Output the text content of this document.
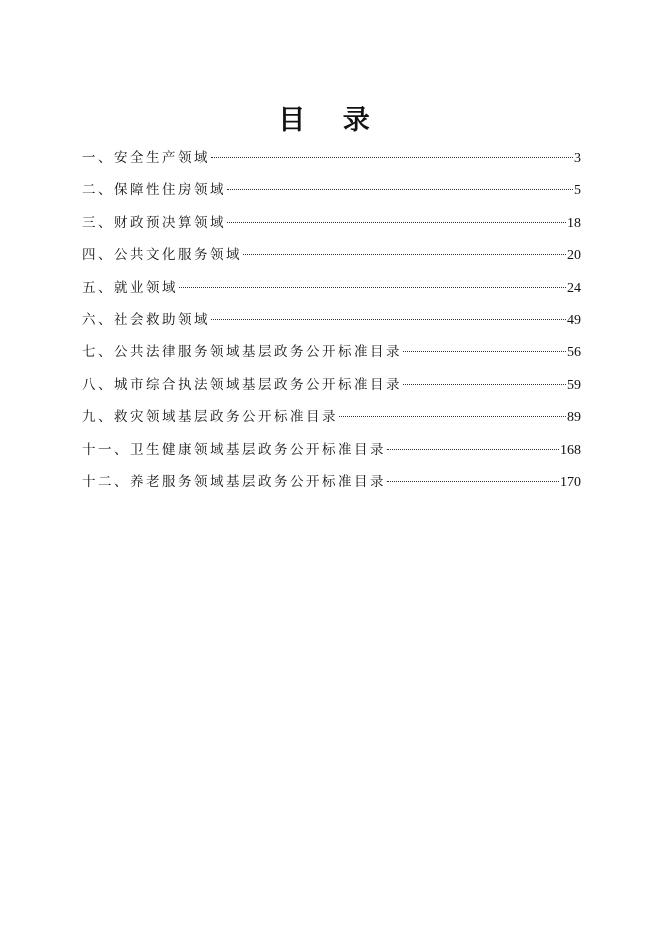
目 录
一、安全生产领域	3
二、保障性住房领域	5
三、财政预决算领域	18
四、公共文化服务领域	20
五、就业领域	24
六、社会救助领域	49
七、公共法律服务领域基层政务公开标准目录	56
八、城市综合执法领域基层政务公开标准目录	59
九、救灾领域基层政务公开标准目录	89
十一、卫生健康领域基层政务公开标准目录	168
十二、养老服务领域基层政务公开标准目录	170
